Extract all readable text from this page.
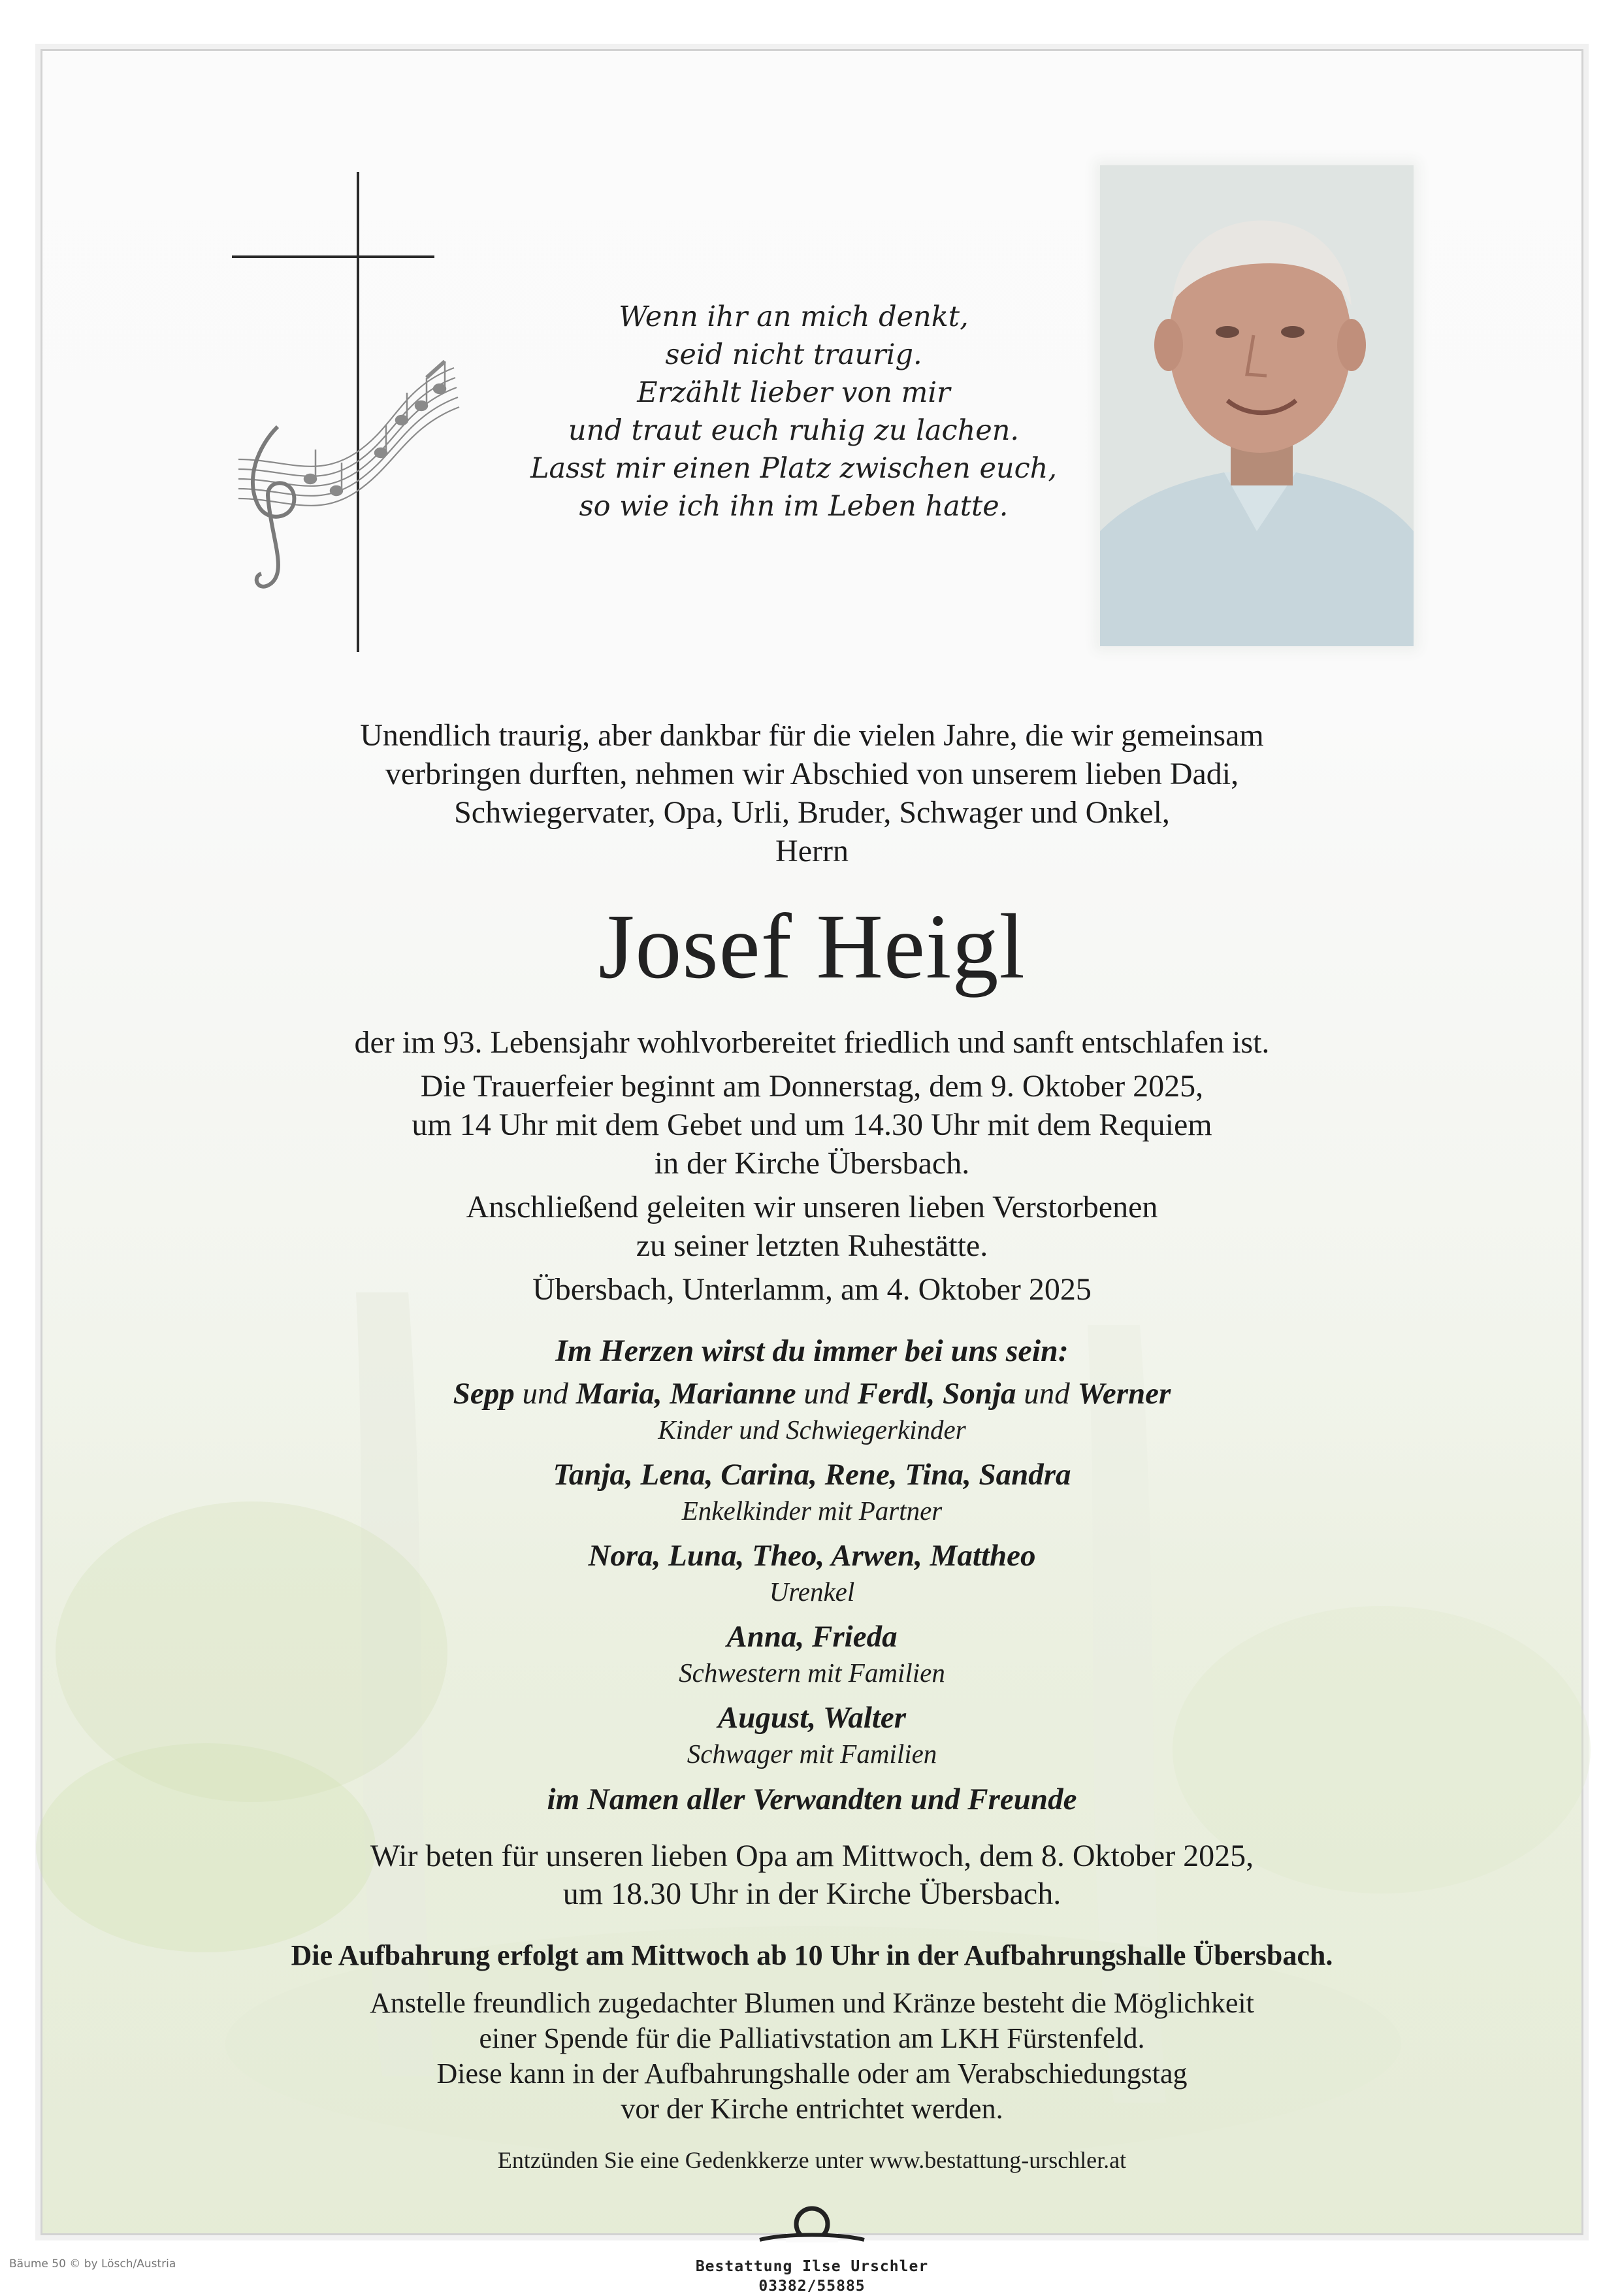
Wenn ihr an mich denkt,
seid nicht traurig.
Erzählt lieber von mir
und traut euch ruhig zu lachen.
Lasst mir einen Platz zwischen euch,
so wie ich ihn im Leben hatte.
Unendlich traurig, aber dankbar für die vielen Jahre, die wir gemeinsam
verbringen durften, nehmen wir Abschied von unserem lieben Dadi,
Schwiegervater, Opa, Urli, Bruder, Schwager und Onkel,
Herrn
Josef Heigl
der im 93. Lebensjahr wohlvorbereitet friedlich und sanft entschlafen ist.
Die Trauerfeier beginnt am Donnerstag, dem 9. Oktober 2025,
um 14 Uhr mit dem Gebet und um 14.30 Uhr mit dem Requiem
in der Kirche Übersbach.
Anschließend geleiten wir unseren lieben Verstorbenen
zu seiner letzten Ruhestätte.
Übersbach, Unterlamm, am 4. Oktober 2025
Im Herzen wirst du immer bei uns sein:
Sepp und Maria, Marianne und Ferdl, Sonja und Werner
Kinder und Schwiegerkinder
Tanja, Lena, Carina, Rene, Tina, Sandra
Enkelkinder mit Partner
Nora, Luna, Theo, Arwen, Mattheo
Urenkel
Anna, Frieda
Schwestern mit Familien
August, Walter
Schwager mit Familien
im Namen aller Verwandten und Freunde
Wir beten für unseren lieben Opa am Mittwoch, dem 8. Oktober 2025,
um 18.30 Uhr in der Kirche Übersbach.
Die Aufbahrung erfolgt am Mittwoch ab 10 Uhr in der Aufbahrungshalle Übersbach.
Anstelle freundlich zugedachter Blumen und Kränze besteht die Möglichkeit
einer Spende für die Palliativstation am LKH Fürstenfeld.
Diese kann in der Aufbahrungshalle oder am Verabschiedungstag
vor der Kirche entrichtet werden.
Entzünden Sie eine Gedenkkerze unter www.bestattung-urschler.at
Bestattung Ilse Urschler
03382/55885
Bäume 50 © by Lösch/Austria
